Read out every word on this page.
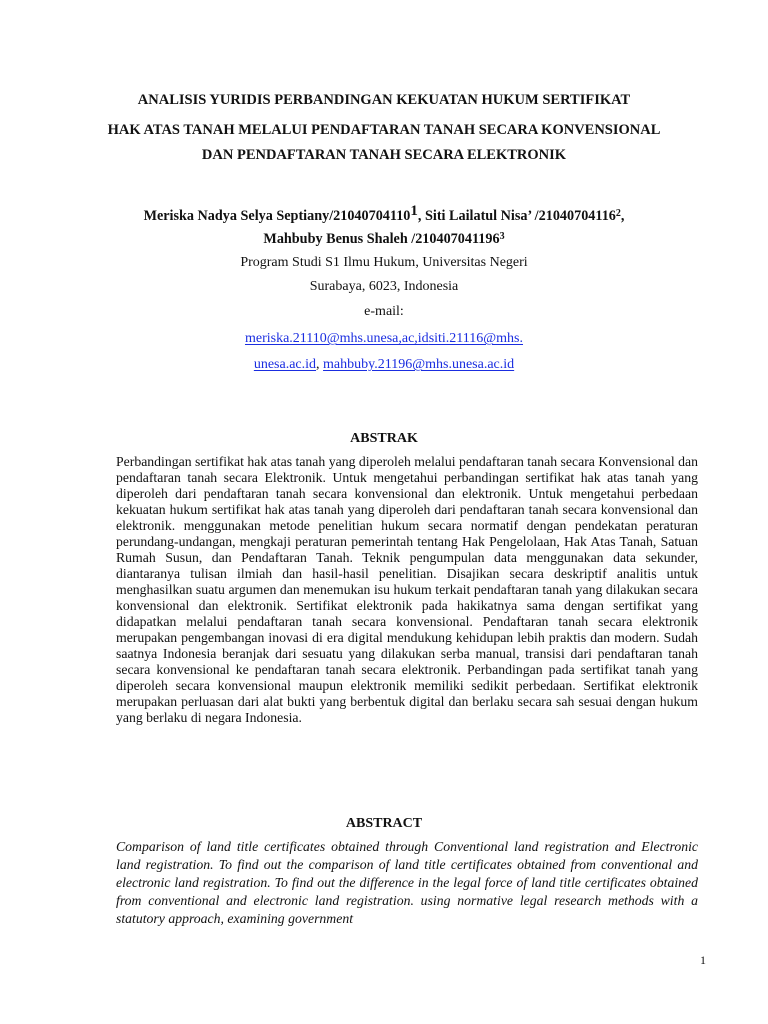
ANALISIS YURIDIS PERBANDINGAN KEKUATAN HUKUM SERTIFIKAT

HAK ATAS TANAH MELALUI PENDAFTARAN TANAH SECARA KONVENSIONAL

DAN PENDAFTARAN TANAH SECARA ELEKTRONIK

Meriska Nadya Selya Septiany/21040704110$^1$, Siti Lailatul Nisa’ /21040704116$^2$,

Mahbuby Benus Shaleh /210407041196$^3$

Program Studi S1 Ilmu Hukum, Universitas Negeri

Surabaya, 6023, Indonesia

e-mail:

meriska.21110@mhs.unesa,ac,idsiti.21116@mhs.

unesa.ac.id, mahbuby.21196@mhs.unesa.ac.id

ABSTRAK

Perbandingan sertifikat hak atas tanah yang diperoleh melalui pendaftaran tanah secara Konvensional dan pendaftaran tanah secara Elektronik. Untuk mengetahui perbandingan sertifikat hak atas tanah yang diperoleh dari pendaftaran tanah secara konvensional dan elektronik. Untuk mengetahui perbedaan kekuatan hukum sertifikat hak atas tanah yang diperoleh dari pendaftaran tanah secara konvensional dan elektronik. menggunakan metode penelitian hukum secara normatif dengan pendekatan peraturan perundang-undangan, mengkaji peraturan pemerintah tentang Hak Pengelolaan, Hak Atas Tanah, Satuan Rumah Susun, dan Pendaftaran Tanah. Teknik pengumpulan data menggunakan data sekunder, diantaranya tulisan ilmiah dan hasil-hasil penelitian. Disajikan secara deskriptif analitis untuk menghasilkan suatu argumen dan menemukan isu hukum terkait pendaftaran tanah yang dilakukan secara konvensional dan elektronik. Sertifikat elektronik pada hakikatnya sama dengan sertifikat yang didapatkan melalui pendaftaran tanah secara konvensional. Pendaftaran tanah secara elektronik merupakan pengembangan inovasi di era digital mendukung kehidupan lebih praktis dan modern. Sudah saatnya Indonesia beranjak dari sesuatu yang dilakukan serba manual, transisi dari pendaftaran tanah secara konvensional ke pendaftaran tanah secara elektronik. Perbandingan pada sertifikat tanah yang diperoleh secara konvensional maupun elektronik memiliki sedikit perbedaan. Sertifikat elektronik merupakan perluasan dari alat bukti yang berbentuk digital dan berlaku secara sah sesuai dengan hukum yang berlaku di negara Indonesia.

ABSTRACT

Comparison of land title certificates obtained through Conventional land registration and Electronic land registration. To find out the comparison of land title certificates obtained from conventional and electronic land registration. To find out the difference in the legal force of land title certificates obtained from conventional and electronic land registration. using normative legal research methods with a statutory approach, examining government

1
